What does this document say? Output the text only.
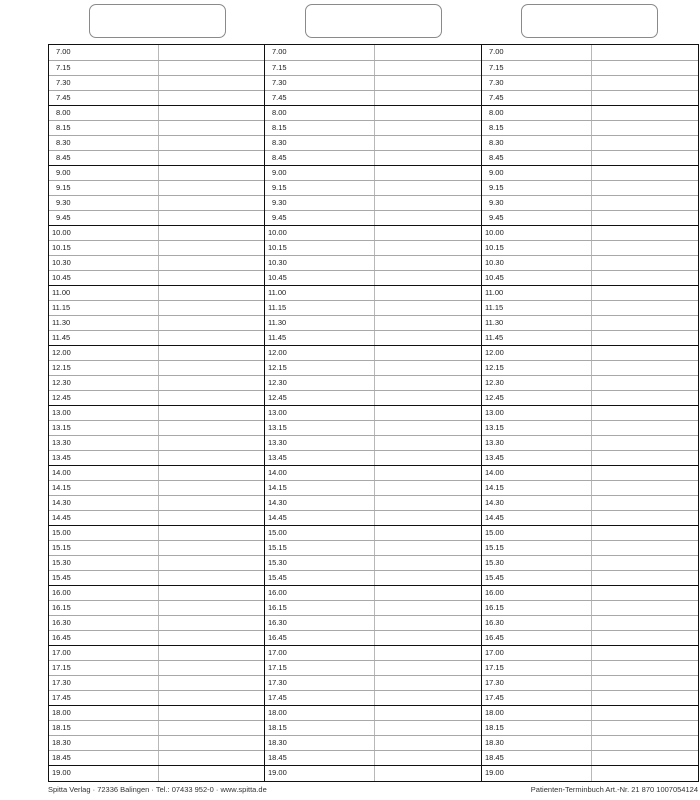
7.00
7.15
7.30
7.45
8.00
8.15
8.30
8.45
9.00
9.15
9.30
9.45
10.00
10.15
10.30
10.45
11.00
11.15
11.30
11.45
12.00
12.15
12.30
12.45
13.00
13.15
13.30
13.45
14.00
14.15
14.30
14.45
15.00
15.15
15.30
15.45
16.00
16.15
16.30
16.45
17.00
17.15
17.30
17.45
18.00
18.15
18.30
18.45
19.00
7.00
7.15
7.30
7.45
8.00
8.15
8.30
8.45
9.00
9.15
9.30
9.45
10.00
10.15
10.30
10.45
11.00
11.15
11.30
11.45
12.00
12.15
12.30
12.45
13.00
13.15
13.30
13.45
14.00
14.15
14.30
14.45
15.00
15.15
15.30
15.45
16.00
16.15
16.30
16.45
17.00
17.15
17.30
17.45
18.00
18.15
18.30
18.45
19.00
7.00
7.15
7.30
7.45
8.00
8.15
8.30
8.45
9.00
9.15
9.30
9.45
10.00
10.15
10.30
10.45
11.00
11.15
11.30
11.45
12.00
12.15
12.30
12.45
13.00
13.15
13.30
13.45
14.00
14.15
14.30
14.45
15.00
15.15
15.30
15.45
16.00
16.15
16.30
16.45
17.00
17.15
17.30
17.45
18.00
18.15
18.30
18.45
19.00
Spitta Verlag · 72336 Balingen · Tel.: 07433 952-0 · www.spitta.de	Patienten-Terminbuch Art.-Nr. 21 870 1007054124
